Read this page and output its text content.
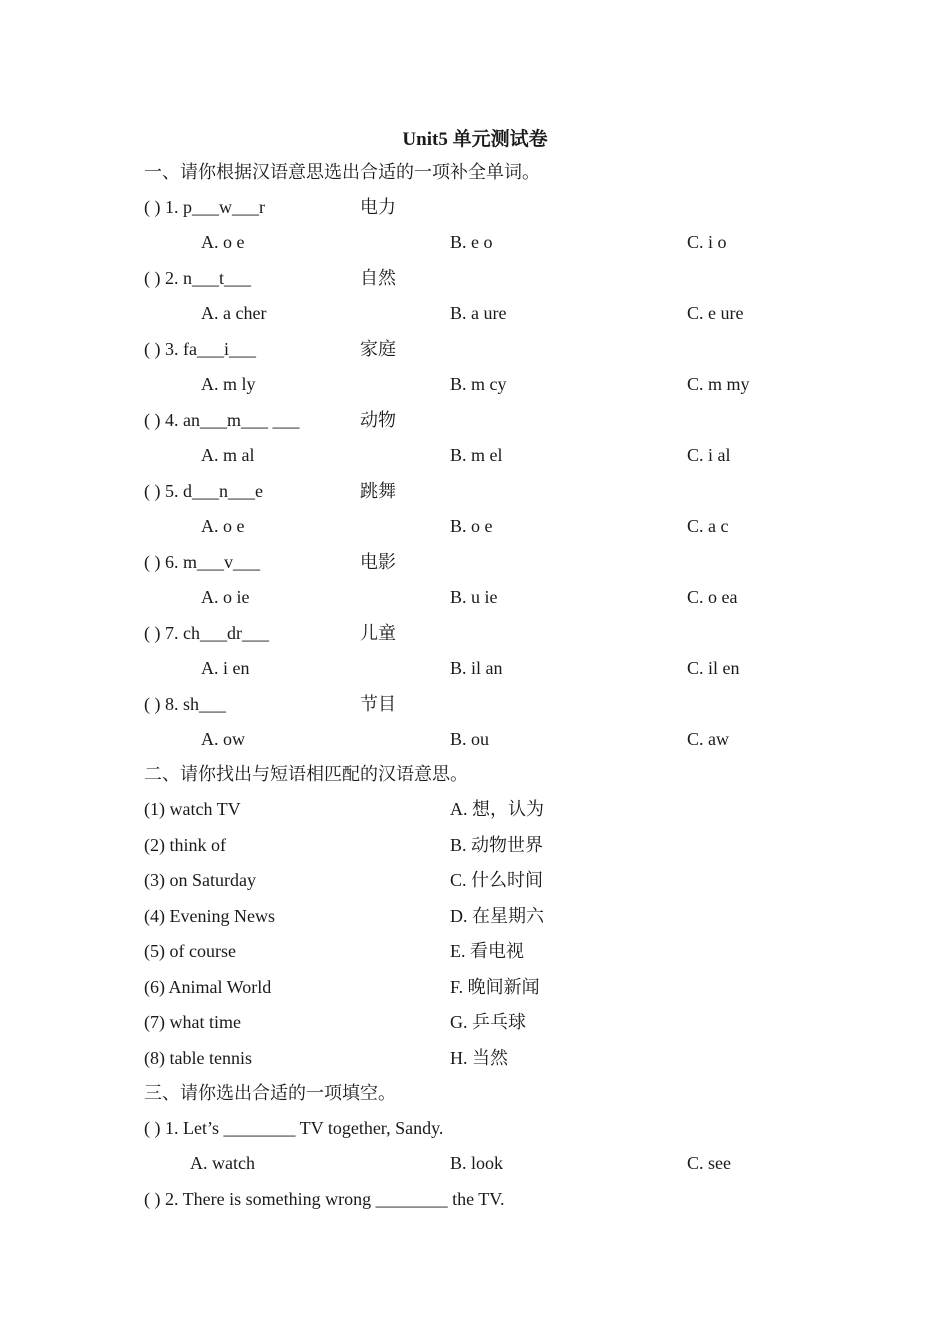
Unit5 单元测试卷
一、请你根据汉语意思选出合适的一项补全单词。
( ) 1. p___w___r	电力
A. o e	B. e o	C. i o
( ) 2. n___t___	自然
A. a cher	B. a ure	C. e ure
( ) 3. fa___i___	家庭
A. m ly	B. m cy	C. m my
( ) 4. an___m___ ___	动物
A. m al	B. m el	C. i al
( ) 5. d___n___e	跳舞
A. o e	B. o e	C. a c
( ) 6. m___v___	电影
A. o ie	B. u ie	C. o ea
( ) 7. ch___dr___	儿童
A. i en	B. il an	C. il en
( ) 8. sh___	节目
A. ow	B. ou	C. aw
二、请你找出与短语相匹配的汉语意思。
(1) watch TV	A. 想，认为
(2) think of	B. 动物世界
(3) on Saturday	C. 什么时间
(4) Evening News	D. 在星期六
(5) of course	E. 看电视
(6) Animal World	F. 晚间新闻
(7) what time	G. 乒乓球
(8) table tennis	H. 当然
三、请你选出合适的一项填空。
( ) 1. Let’s ________ TV together, Sandy.
A. watch	B. look	C. see
( ) 2. There is something wrong ________ the TV.
